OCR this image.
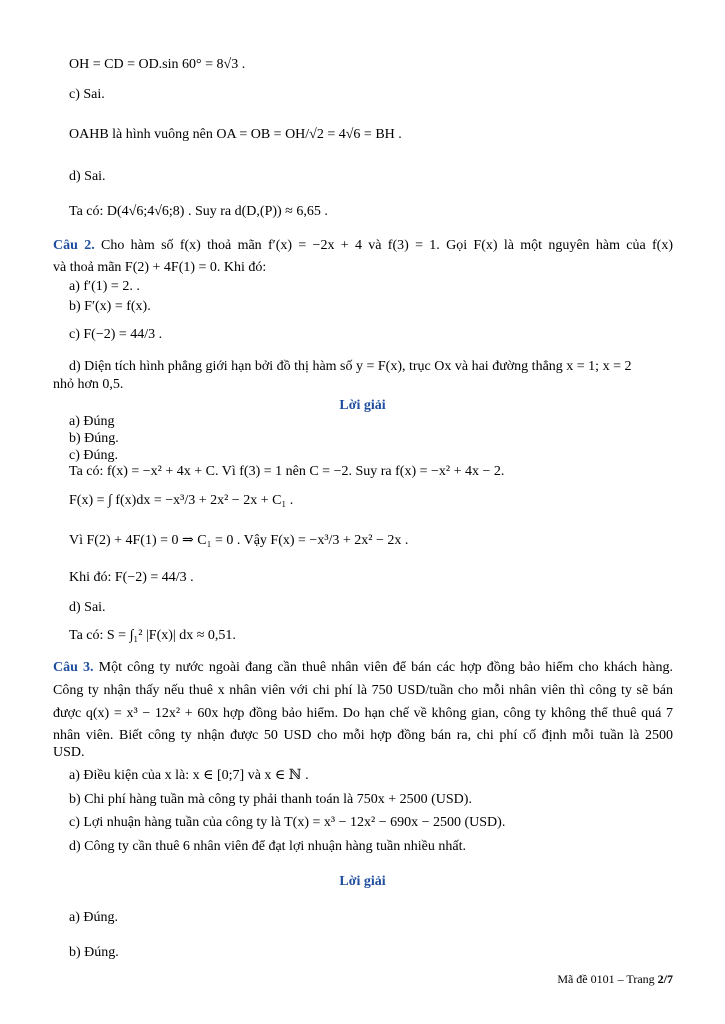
OH = CD = OD.sin 60° = 8√3 .
c) Sai.
OAHB là hình vuông nên OA = OB = OH/√2 = 4√6 = BH .
d) Sai.
Ta có: D(4√6;4√6;8) . Suy ra d(D,(P)) ≈ 6,65 .
Câu 2. Cho hàm số f(x) thoả mãn f′(x) = −2x + 4 và f(3) = 1. Gọi F(x) là một nguyên hàm của f(x)
và thoả mãn F(2) + 4F(1) = 0. Khi đó:
a) f′(1) = 2. .
b) F′(x) = f(x).
c) F(−2) = 44/3 .
d) Diện tích hình phẳng giới hạn bởi đồ thị hàm số y = F(x), trục Ox và hai đường thẳng x = 1; x = 2
nhỏ hơn 0,5.
Lời giải
a) Đúng
b) Đúng.
c) Đúng.
Ta có: f(x) = −x² + 4x + C. Vì f(3) = 1 nên C = −2. Suy ra f(x) = −x² + 4x − 2.
F(x) = ∫ f(x)dx = −x³/3 + 2x² − 2x + C₁ .
Vì F(2) + 4F(1) = 0 ⇒ C₁ = 0 . Vậy F(x) = −x³/3 + 2x² − 2x .
Khi đó: F(−2) = 44/3 .
d) Sai.
Ta có: S = ∫₁² |F(x)| dx ≈ 0,51.
Câu 3. Một công ty nước ngoài đang cần thuê nhân viên để bán các hợp đồng bảo hiểm cho khách hàng.
Công ty nhận thấy nếu thuê x nhân viên với chi phí là 750 USD/tuần cho mỗi nhân viên thì công ty sẽ bán
được q(x) = x³ − 12x² + 60x hợp đồng bảo hiểm. Do hạn chế về không gian, công ty không thể thuê quá 7
nhân viên. Biết công ty nhận được 50 USD cho mỗi hợp đồng bán ra, chi phí cố định mỗi tuần là 2500
USD.
a) Điều kiện của x là: x ∈ [0;7] và x ∈ ℕ .
b) Chi phí hàng tuần mà công ty phải thanh toán là 750x + 2500 (USD).
c) Lợi nhuận hàng tuần của công ty là T(x) = x³ − 12x² − 690x − 2500 (USD).
d) Công ty cần thuê 6 nhân viên để đạt lợi nhuận hàng tuần nhiều nhất.
Lời giải
a) Đúng.
b) Đúng.
Mã đề 0101 – Trang 2/7
